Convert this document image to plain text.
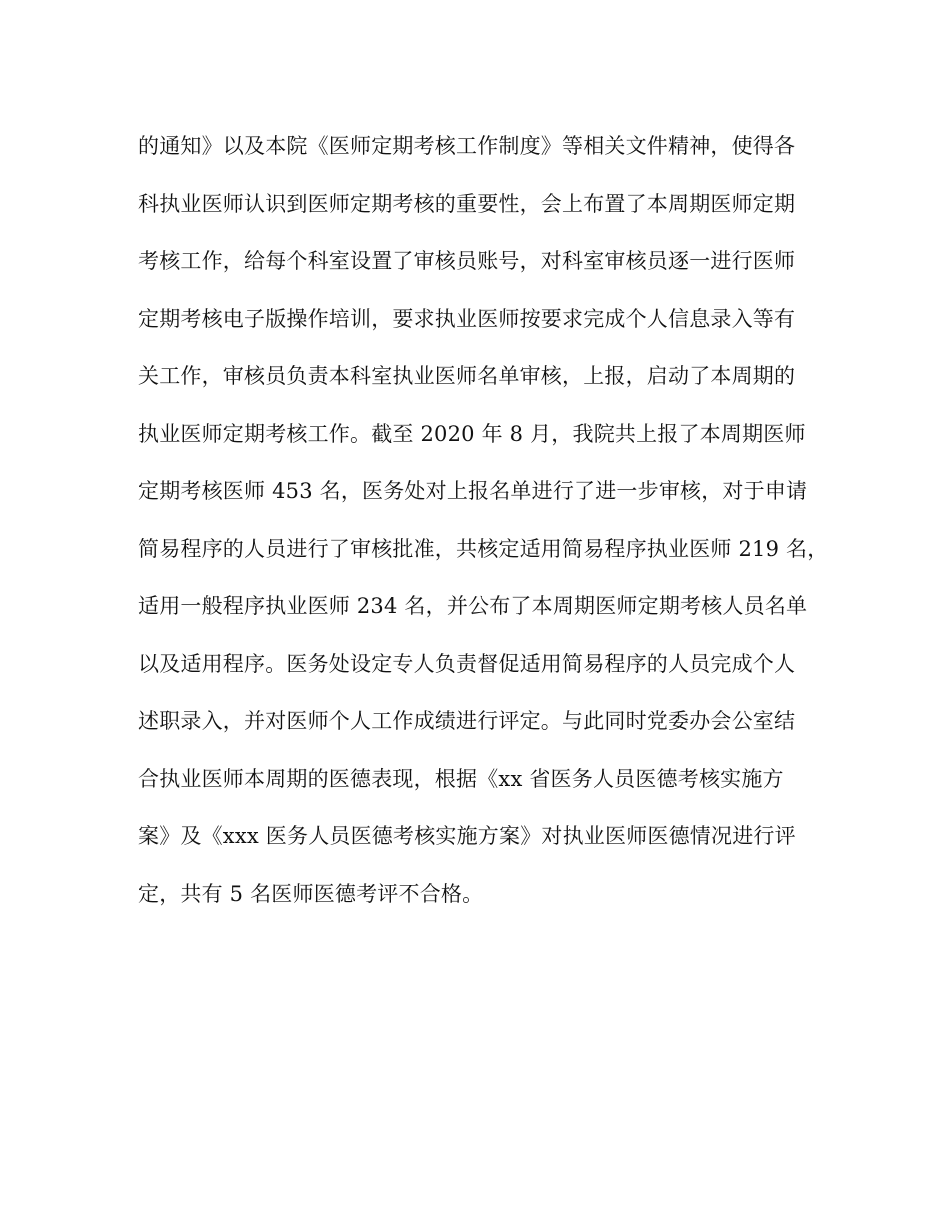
的通知》以及本院《医师定期考核工作制度》等相关文件精神，使得各
科执业医师认识到医师定期考核的重要性，会上布置了本周期医师定期
考核工作，给每个科室设置了审核员账号，对科室审核员逐一进行医师
定期考核电子版操作培训，要求执业医师按要求完成个人信息录入等有
关工作，审核员负责本科室执业医师名单审核，上报，启动了本周期的
执业医师定期考核工作。截至 2020 年 8 月，我院共上报了本周期医师
定期考核医师 453 名，医务处对上报名单进行了进一步审核，对于申请
简易程序的人员进行了审核批准，共核定适用简易程序执业医师 219 名，
适用一般程序执业医师 234 名，并公布了本周期医师定期考核人员名单
以及适用程序。医务处设定专人负责督促适用简易程序的人员完成个人
述职录入，并对医师个人工作成绩进行评定。与此同时党委办会公室结
合执业医师本周期的医德表现，根据《xx 省医务人员医德考核实施方
案》及《xxx 医务人员医德考核实施方案》对执业医师医德情况进行评
定，共有 5 名医师医德考评不合格。
